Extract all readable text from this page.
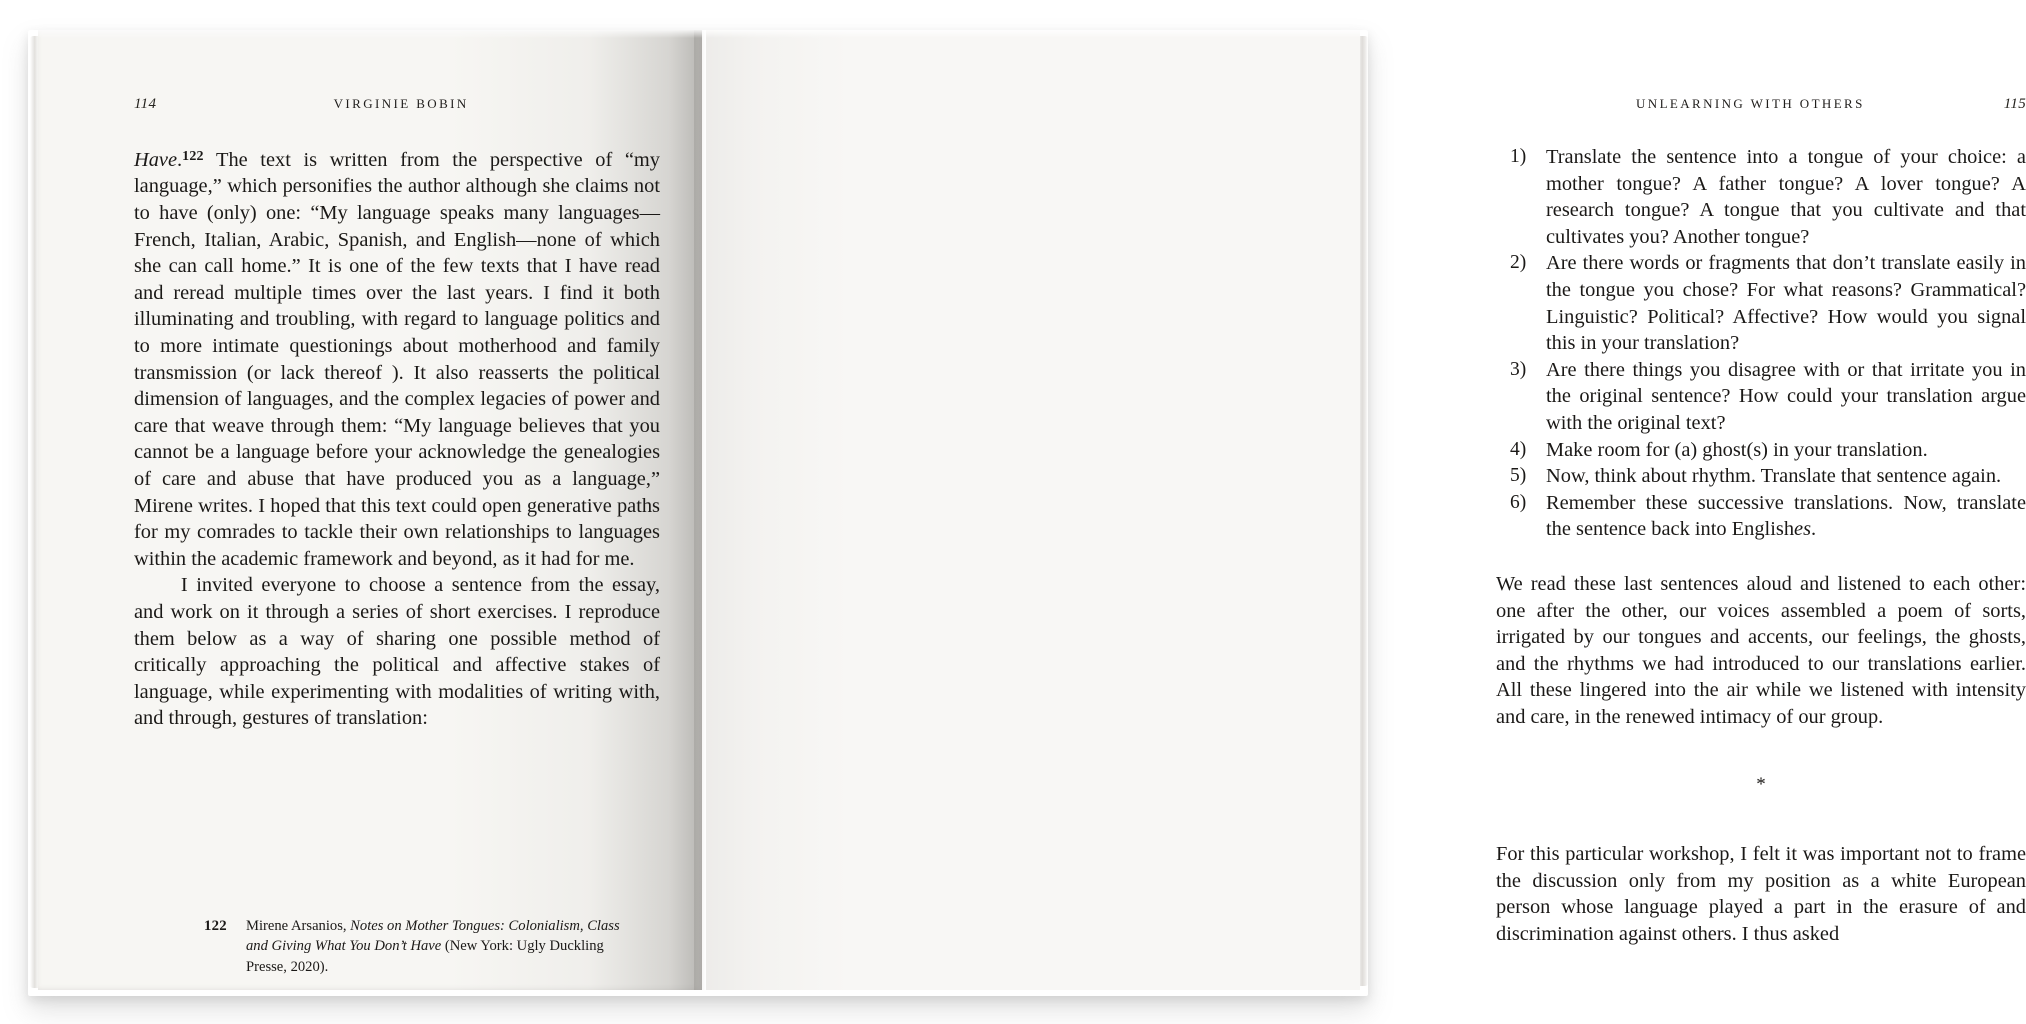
114	VIRGINIE BOBIN

Have.$^{122}$ The text is written from the perspective of “my language,” which personifies the author although she claims not to have (only) one: “My language speaks many languages—French, Italian, Arabic, Spanish, and English—none of which she can call home.” It is one of the few texts that I have read and reread multiple times over the last years. I find it both illuminating and troubling, with regard to language politics and to more intimate questionings about motherhood and family transmission (or lack thereof ). It also reasserts the political dimension of languages, and the complex legacies of power and care that weave through them: “My language believes that you cannot be a language before your acknowledge the genealogies of care and abuse that have produced you as a language,” Mirene writes. I hoped that this text could open generative paths for my comrades to tackle their own relationships to languages within the academic framework and beyond, as it had for me.

I invited everyone to choose a sentence from the essay, and work on it through a series of short exercises. I reproduce them below as a way of sharing one possible method of critically approaching the political and affective stakes of language, while experimenting with modalities of writing with, and through, gestures of translation:

122	Mirene Arsanios, Notes on Mother Tongues: Colonialism, Class and Giving What You Don’t Have (New York: Ugly Duckling Presse, 2020).
UNLEARNING WITH OTHERS	115
1) Translate the sentence into a tongue of your choice: a mother tongue? A father tongue? A lover tongue? A research tongue? A tongue that you cultivate and that cultivates you? Another tongue?
2) Are there words or fragments that don’t translate easily in the tongue you chose? For what reasons? Grammatical? Linguistic? Political? Affective? How would you signal this in your translation?
3) Are there things you disagree with or that irritate you in the original sentence? How could your translation argue with the original text?
4) Make room for (a) ghost(s) in your translation.
5) Now, think about rhythm. Translate that sentence again.
6) Remember these successive translations. Now, translate the sentence back into Englishes.

We read these last sentences aloud and listened to each other: one after the other, our voices assembled a poem of sorts, irrigated by our tongues and accents, our feelings, the ghosts, and the rhythms we had introduced to our translations earlier. All these lingered into the air while we listened with intensity and care, in the renewed intimacy of our group.

*

For this particular workshop, I felt it was important not to frame the discussion only from my position as a white European person whose language played a part in the erasure of and discrimination against others. I thus asked
